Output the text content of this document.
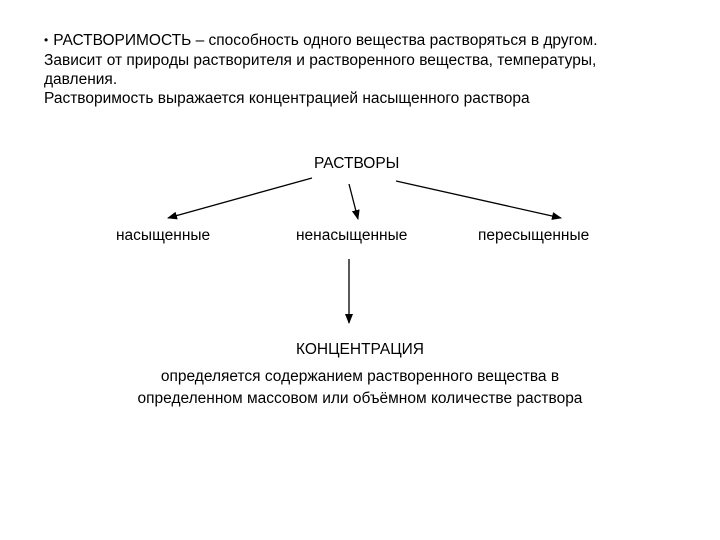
• РАСТВОРИМОСТЬ – способность одного вещества растворяться в другом.
Зависит от природы растворителя и растворенного вещества, температуры,
давления.
Растворимость выражается концентрацией насыщенного раствора
РАСТВОРЫ
насыщенные	ненасыщенные	пересыщенные
КОНЦЕНТРАЦИЯ
определяется содержанием растворенного вещества в
определенном массовом или объёмном количестве раствора
